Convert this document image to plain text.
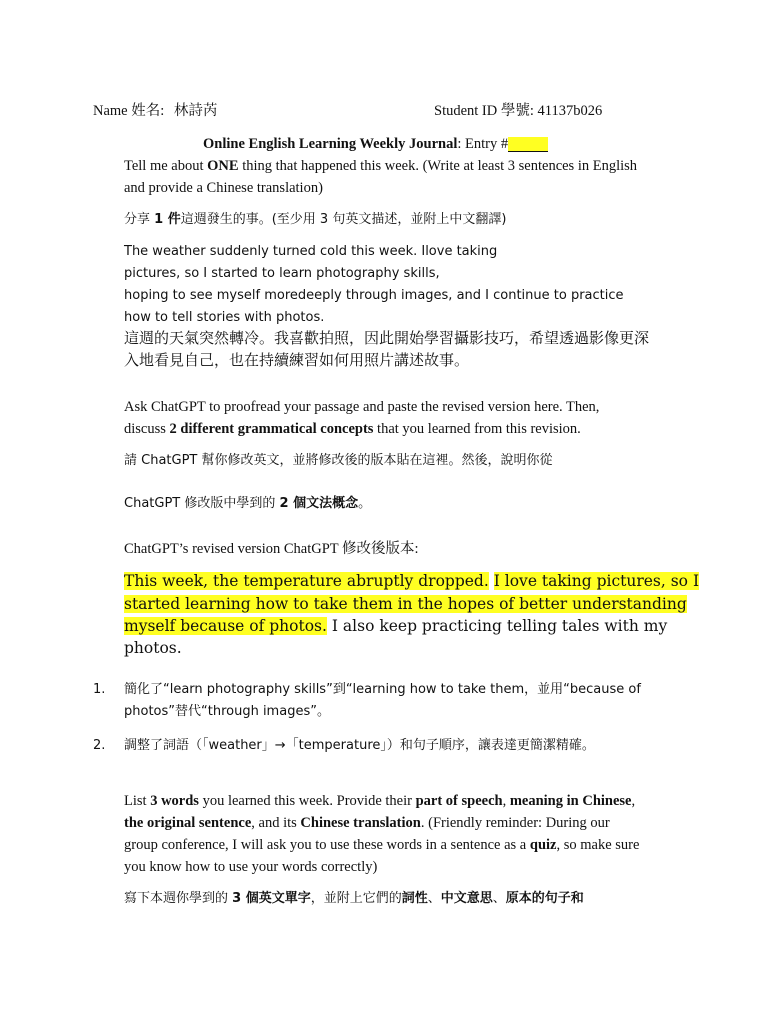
Name 姓名: 林詩芮	Student ID 學號: 41137b026
Online English Learning Weekly Journal: Entry #
Tell me about ONE thing that happened this week. (Write at least 3 sentences in English
and provide a Chinese translation)
分享 1 件這週發生的事。(至少用 3 句英文描述，並附上中文翻譯)
The weather suddenly turned cold this week. Ilove taking
pictures, so I started to learn photography skills,
hoping to see myself moredeeply through images, and I continue to practice
how to tell stories with photos.
這週的天氣突然轉冷。我喜歡拍照，因此開始學習攝影技巧，希望透過影像更深
入地看見自己，也在持續練習如何用照片講述故事。
Ask ChatGPT to proofread your passage and paste the revised version here. Then,
discuss 2 different grammatical concepts that you learned from this revision.
請 ChatGPT 幫你修改英文，並將修改後的版本貼在這裡。然後，說明你從
ChatGPT 修改版中學到的 2 個文法概念。
ChatGPT’s revised version ChatGPT 修改後版本:
This week, the temperature abruptly dropped. I love taking pictures, so I
started learning how to take them in the hopes of better understanding
myself because of photos. I also keep practicing telling tales with my
photos.
1. 簡化了“learn photography skills”到“learning how to take them，並用“because of
photos”替代“through images”。
2. 調整了詞語（「weather」→「temperature」）和句子順序，讓表達更簡潔精確。
List 3 words you learned this week. Provide their part of speech, meaning in Chinese,
the original sentence, and its Chinese translation. (Friendly reminder: During our
group conference, I will ask you to use these words in a sentence as a quiz, so make sure
you know how to use your words correctly)
寫下本週你學到的 3 個英文單字，並附上它們的詞性、中文意思、原本的句子和
